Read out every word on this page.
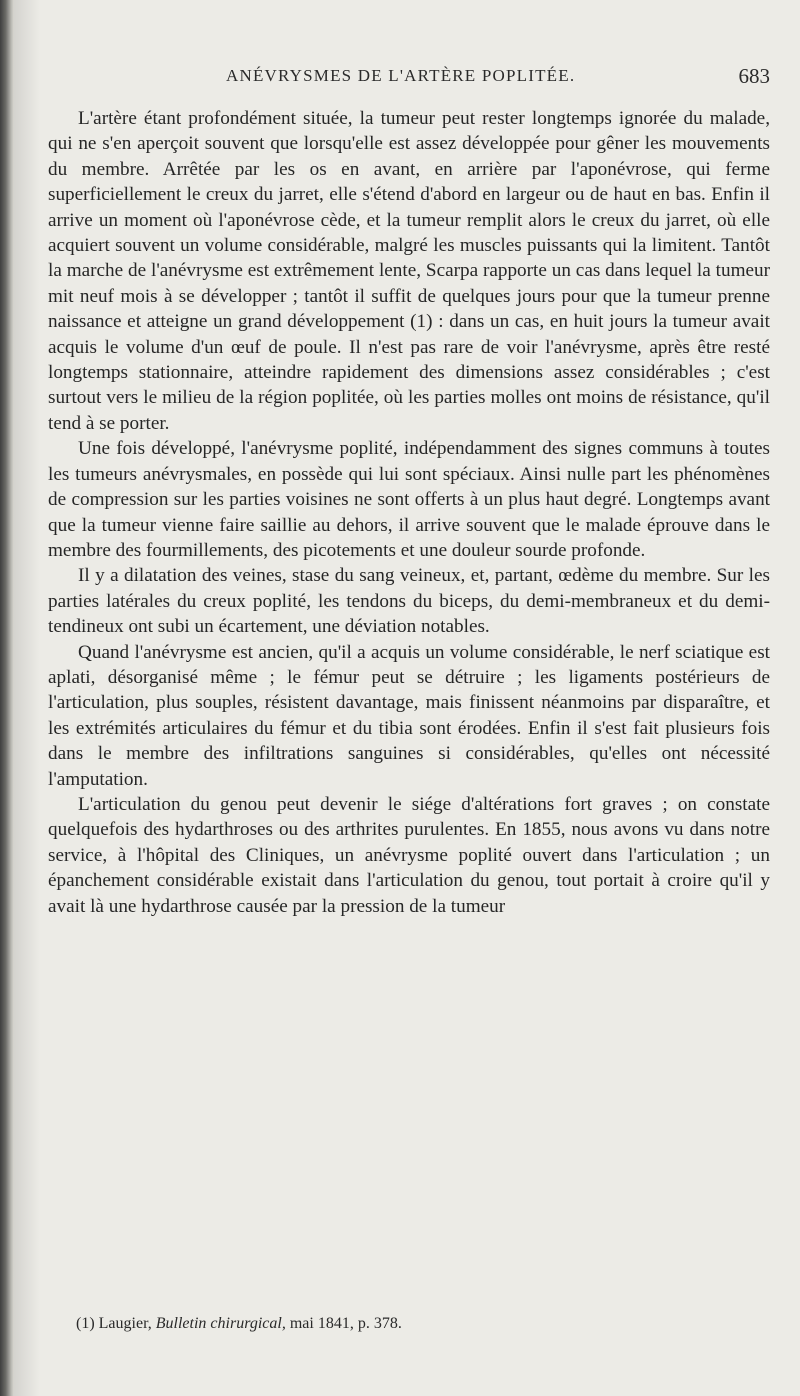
ANÉVRYSMES DE L'ARTÈRE POPLITÉE.	683

L'artère étant profondément située, la tumeur peut rester longtemps ignorée du malade, qui ne s'en aperçoit souvent que lorsqu'elle est assez développée pour gêner les mouvements du membre. Arrêtée par les os en avant, en arrière par l'aponévrose, qui ferme superficiellement le creux du jarret, elle s'étend d'abord en largeur ou de haut en bas. Enfin il arrive un moment où l'aponévrose cède, et la tumeur remplit alors le creux du jarret, où elle acquiert souvent un volume considérable, malgré les muscles puissants qui la limitent. Tantôt la marche de l'anévrysme est extrêmement lente, Scarpa rapporte un cas dans lequel la tumeur mit neuf mois à se développer ; tantôt il suffit de quelques jours pour que la tumeur prenne naissance et atteigne un grand développement (1) : dans un cas, en huit jours la tumeur avait acquis le volume d'un œuf de poule. Il n'est pas rare de voir l'anévrysme, après être resté longtemps stationnaire, atteindre rapidement des dimensions assez considérables ; c'est surtout vers le milieu de la région poplitée, où les parties molles ont moins de résistance, qu'il tend à se porter.

Une fois développé, l'anévrysme poplité, indépendamment des signes communs à toutes les tumeurs anévrysmales, en possède qui lui sont spéciaux. Ainsi nulle part les phénomènes de compression sur les parties voisines ne sont offerts à un plus haut degré. Longtemps avant que la tumeur vienne faire saillie au dehors, il arrive souvent que le malade éprouve dans le membre des fourmillements, des picotements et une douleur sourde profonde.

Il y a dilatation des veines, stase du sang veineux, et, partant, œdème du membre. Sur les parties latérales du creux poplité, les tendons du biceps, du demi-membraneux et du demi-tendineux ont subi un écartement, une déviation notables.

Quand l'anévrysme est ancien, qu'il a acquis un volume considérable, le nerf sciatique est aplati, désorganisé même ; le fémur peut se détruire ; les ligaments postérieurs de l'articulation, plus souples, résistent davantage, mais finissent néanmoins par disparaître, et les extrémités articulaires du fémur et du tibia sont érodées. Enfin il s'est fait plusieurs fois dans le membre des infiltrations sanguines si considérables, qu'elles ont nécessité l'amputation.

L'articulation du genou peut devenir le siége d'altérations fort graves ; on constate quelquefois des hydarthroses ou des arthrites purulentes. En 1855, nous avons vu dans notre service, à l'hôpital des Cliniques, un anévrysme poplité ouvert dans l'articulation ; un épanchement considérable existait dans l'articulation du genou, tout portait à croire qu'il y avait là une hydarthrose causée par la pression de la tumeur

(1) Laugier, Bulletin chirurgical, mai 1841, p. 378.
